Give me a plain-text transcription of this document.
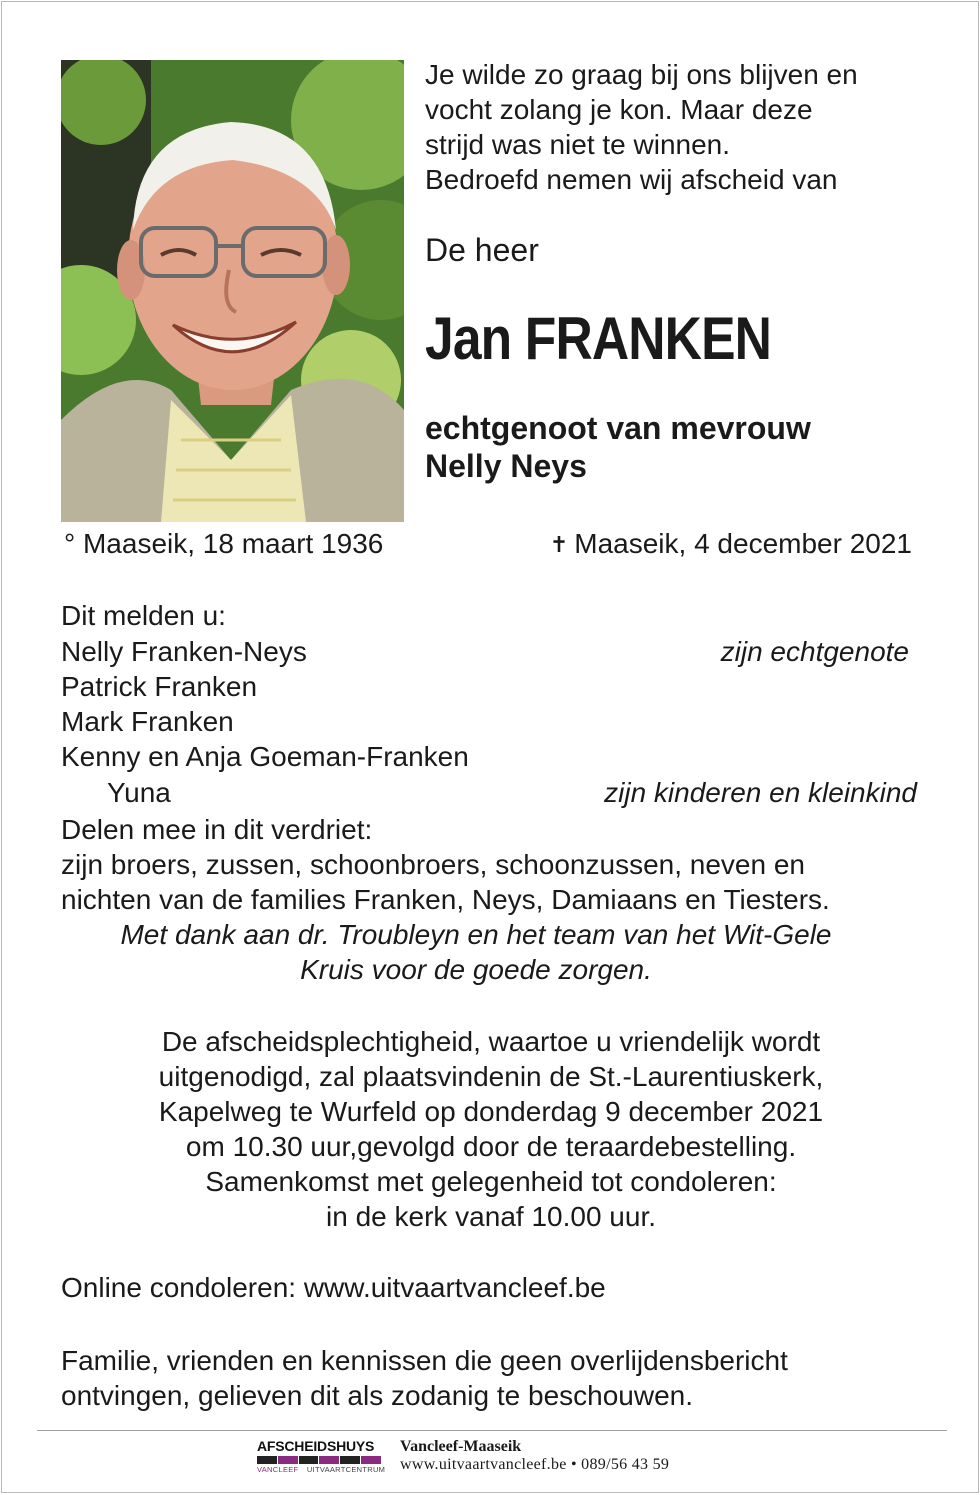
Je wilde zo graag bij ons blijven en
vocht zolang je kon. Maar deze
strijd was niet te winnen.
Bedroefd nemen wij afscheid van
De heer
Jan FRANKEN
echtgenoot van mevrouw
Nelly Neys
° Maaseik, 18 maart 1936	✝ Maaseik, 4 december 2021
Dit melden u:
Nelly Franken-Neys	zijn echtgenote
Patrick Franken
Mark Franken
Kenny en Anja Goeman-Franken
Yuna	zijn kinderen en kleinkind
Delen mee in dit verdriet:
zijn broers, zussen, schoonbroers, schoonzussen, neven en
nichten van de families Franken, Neys, Damiaans en Tiesters.
Met dank aan dr. Troubleyn en het team van het Wit-Gele
Kruis voor de goede zorgen.
De afscheidsplechtigheid, waartoe u vriendelijk wordt
uitgenodigd, zal plaatsvindenin de St.-Laurentiuskerk,
Kapelweg te Wurfeld op donderdag 9 december 2021
om 10.30 uur,gevolgd door de teraardebestelling.
Samenkomst met gelegenheid tot condoleren:
in de kerk vanaf 10.00 uur.
Online condoleren: www.uitvaartvancleef.be
Familie, vrienden en kennissen die geen overlijdensbericht
ontvingen, gelieven dit als zodanig te beschouwen.
AFSCHEIDSHUYS
VANCLEEF UITVAARTCENTRUM
Vancleef-Maaseik
www.uitvaartvancleef.be • 089/56 43 59
